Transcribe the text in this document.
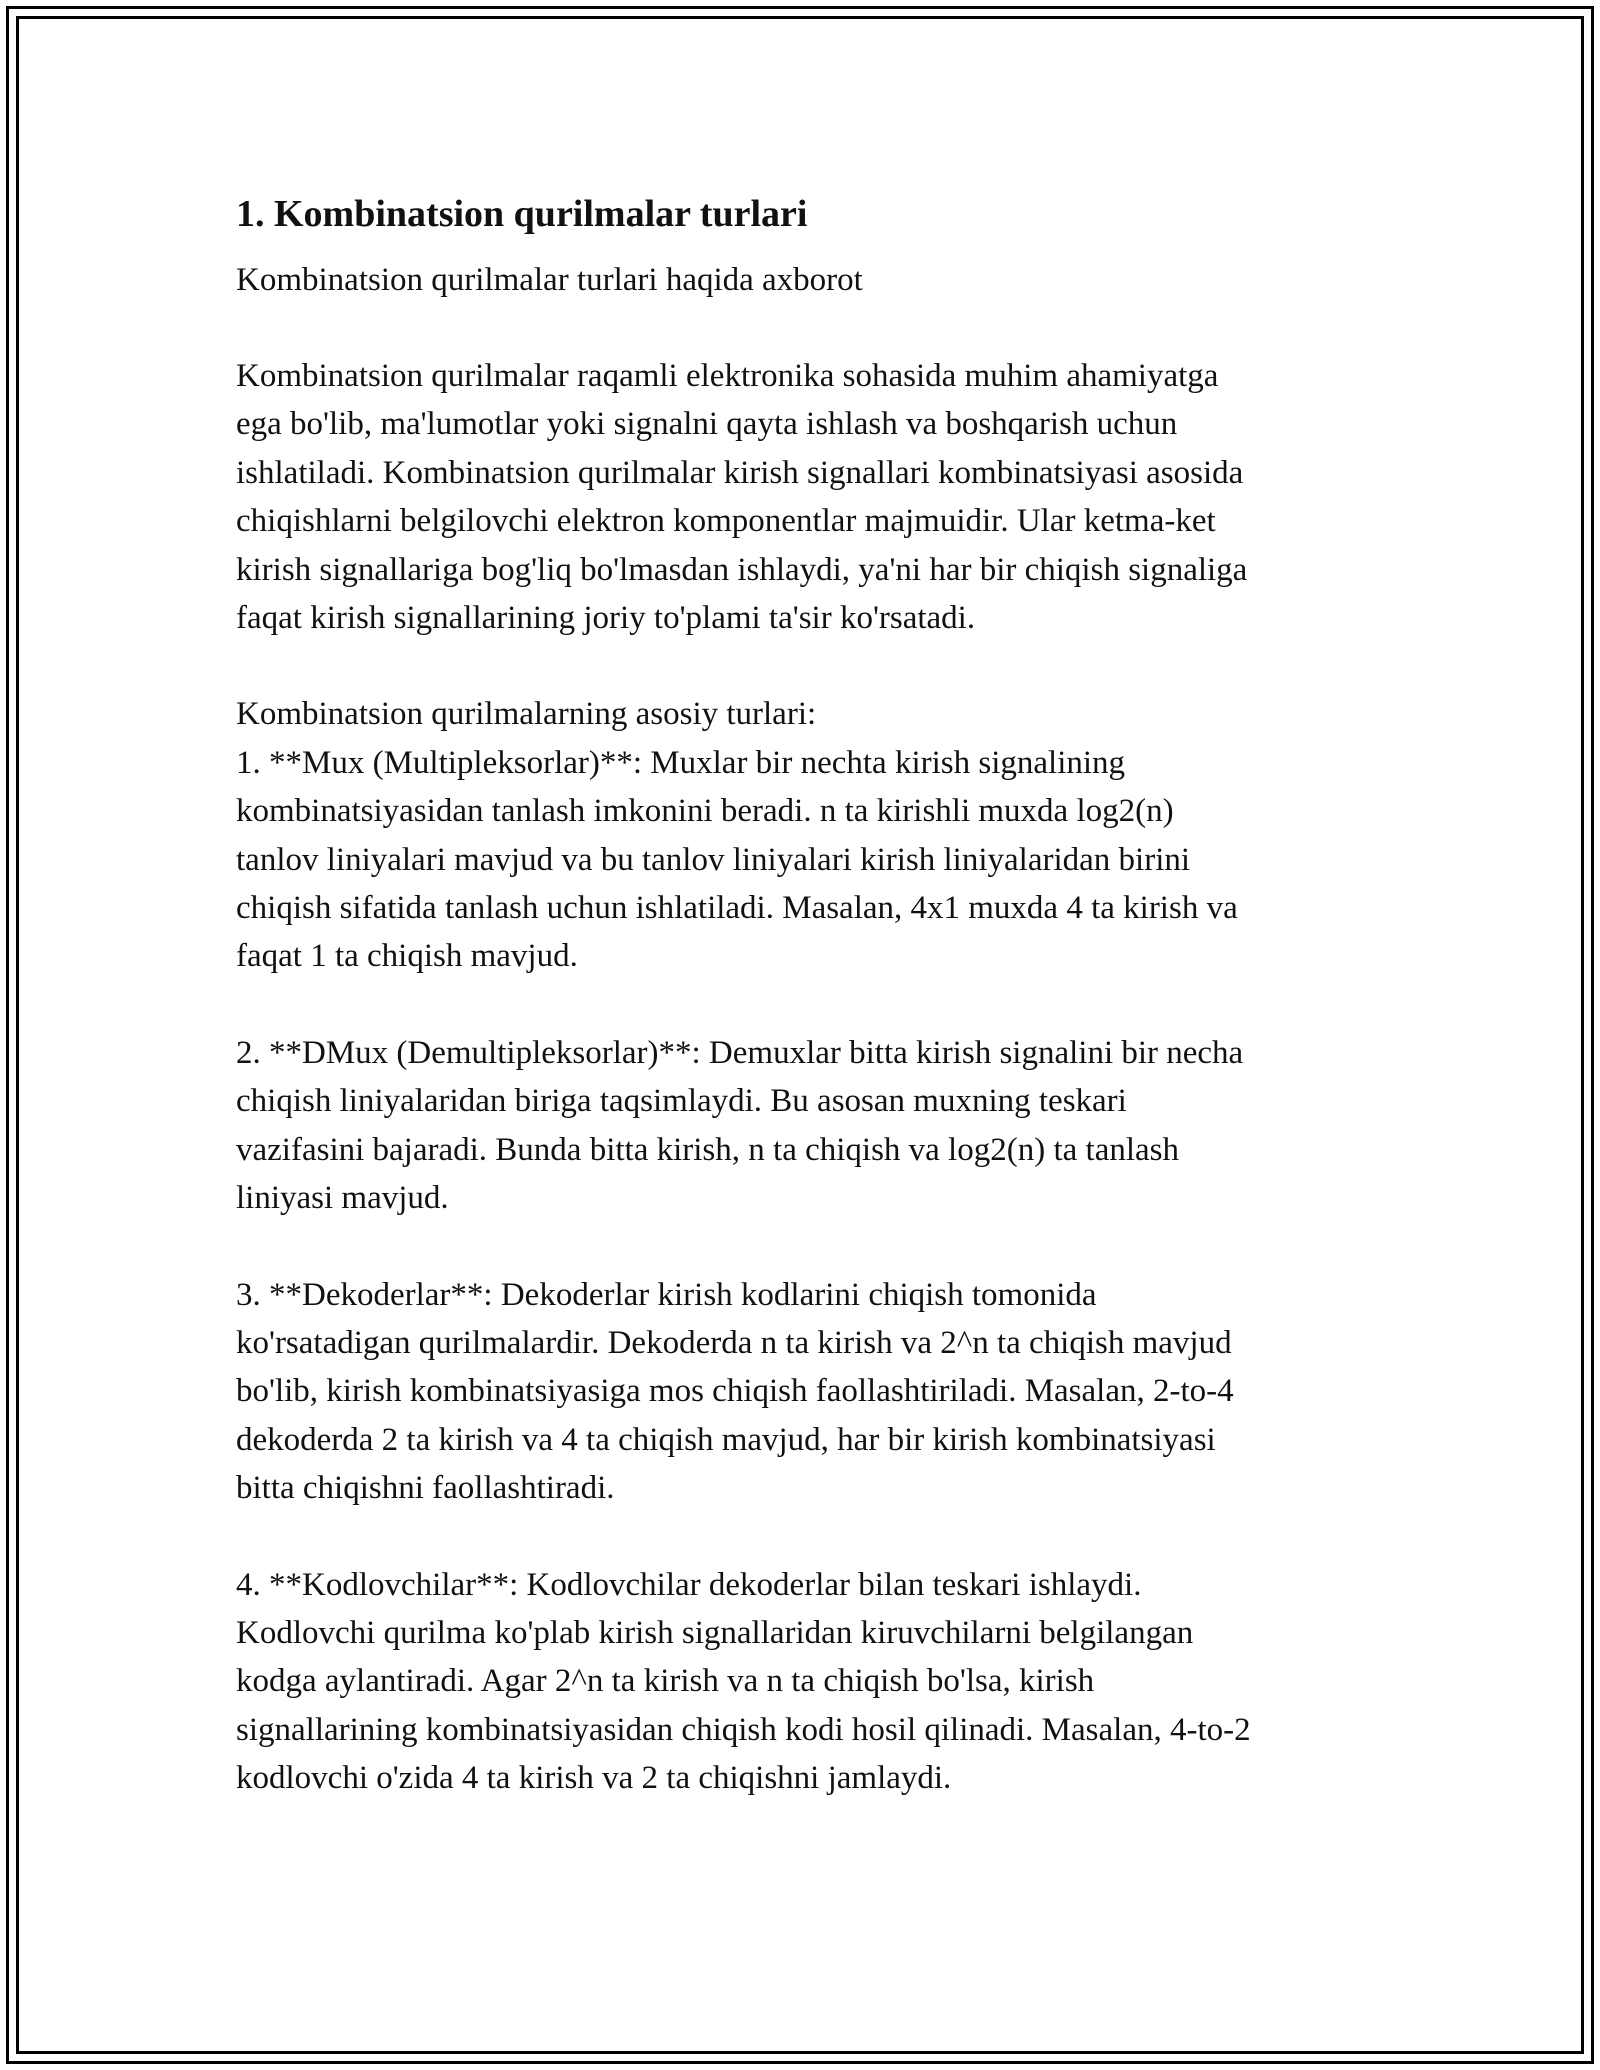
1. Kombinatsion qurilmalar turlari

Kombinatsion qurilmalar turlari haqida axborot

Kombinatsion qurilmalar raqamli elektronika sohasida muhim ahamiyatga
ega bo'lib, ma'lumotlar yoki signalni qayta ishlash va boshqarish uchun
ishlatiladi. Kombinatsion qurilmalar kirish signallari kombinatsiyasi asosida
chiqishlarni belgilovchi elektron komponentlar majmuidir. Ular ketma-ket
kirish signallariga bog'liq bo'lmasdan ishlaydi, ya'ni har bir chiqish signaliga
faqat kirish signallarining joriy to'plami ta'sir ko'rsatadi.

Kombinatsion qurilmalarning asosiy turlari:
1. **Mux (Multipleksorlar)**: Muxlar bir nechta kirish signalining
kombinatsiyasidan tanlash imkonini beradi. n ta kirishli muxda log2(n)
tanlov liniyalari mavjud va bu tanlov liniyalari kirish liniyalaridan birini
chiqish sifatida tanlash uchun ishlatiladi. Masalan, 4x1 muxda 4 ta kirish va
faqat 1 ta chiqish mavjud.

2. **DMux (Demultipleksorlar)**: Demuxlar bitta kirish signalini bir necha
chiqish liniyalaridan biriga taqsimlaydi. Bu asosan muxning teskari
vazifasini bajaradi. Bunda bitta kirish, n ta chiqish va log2(n) ta tanlash
liniyasi mavjud.

3. **Dekoderlar**: Dekoderlar kirish kodlarini chiqish tomonida
ko'rsatadigan qurilmalardir. Dekoderda n ta kirish va 2^n ta chiqish mavjud
bo'lib, kirish kombinatsiyasiga mos chiqish faollashtiriladi. Masalan, 2-to-4
dekoderda 2 ta kirish va 4 ta chiqish mavjud, har bir kirish kombinatsiyasi
bitta chiqishni faollashtiradi.

4. **Kodlovchilar**: Kodlovchilar dekoderlar bilan teskari ishlaydi.
Kodlovchi qurilma ko'plab kirish signallaridan kiruvchilarni belgilangan
kodga aylantiradi. Agar 2^n ta kirish va n ta chiqish bo'lsa, kirish
signallarining kombinatsiyasidan chiqish kodi hosil qilinadi. Masalan, 4-to-2
kodlovchi o'zida 4 ta kirish va 2 ta chiqishni jamlaydi.
